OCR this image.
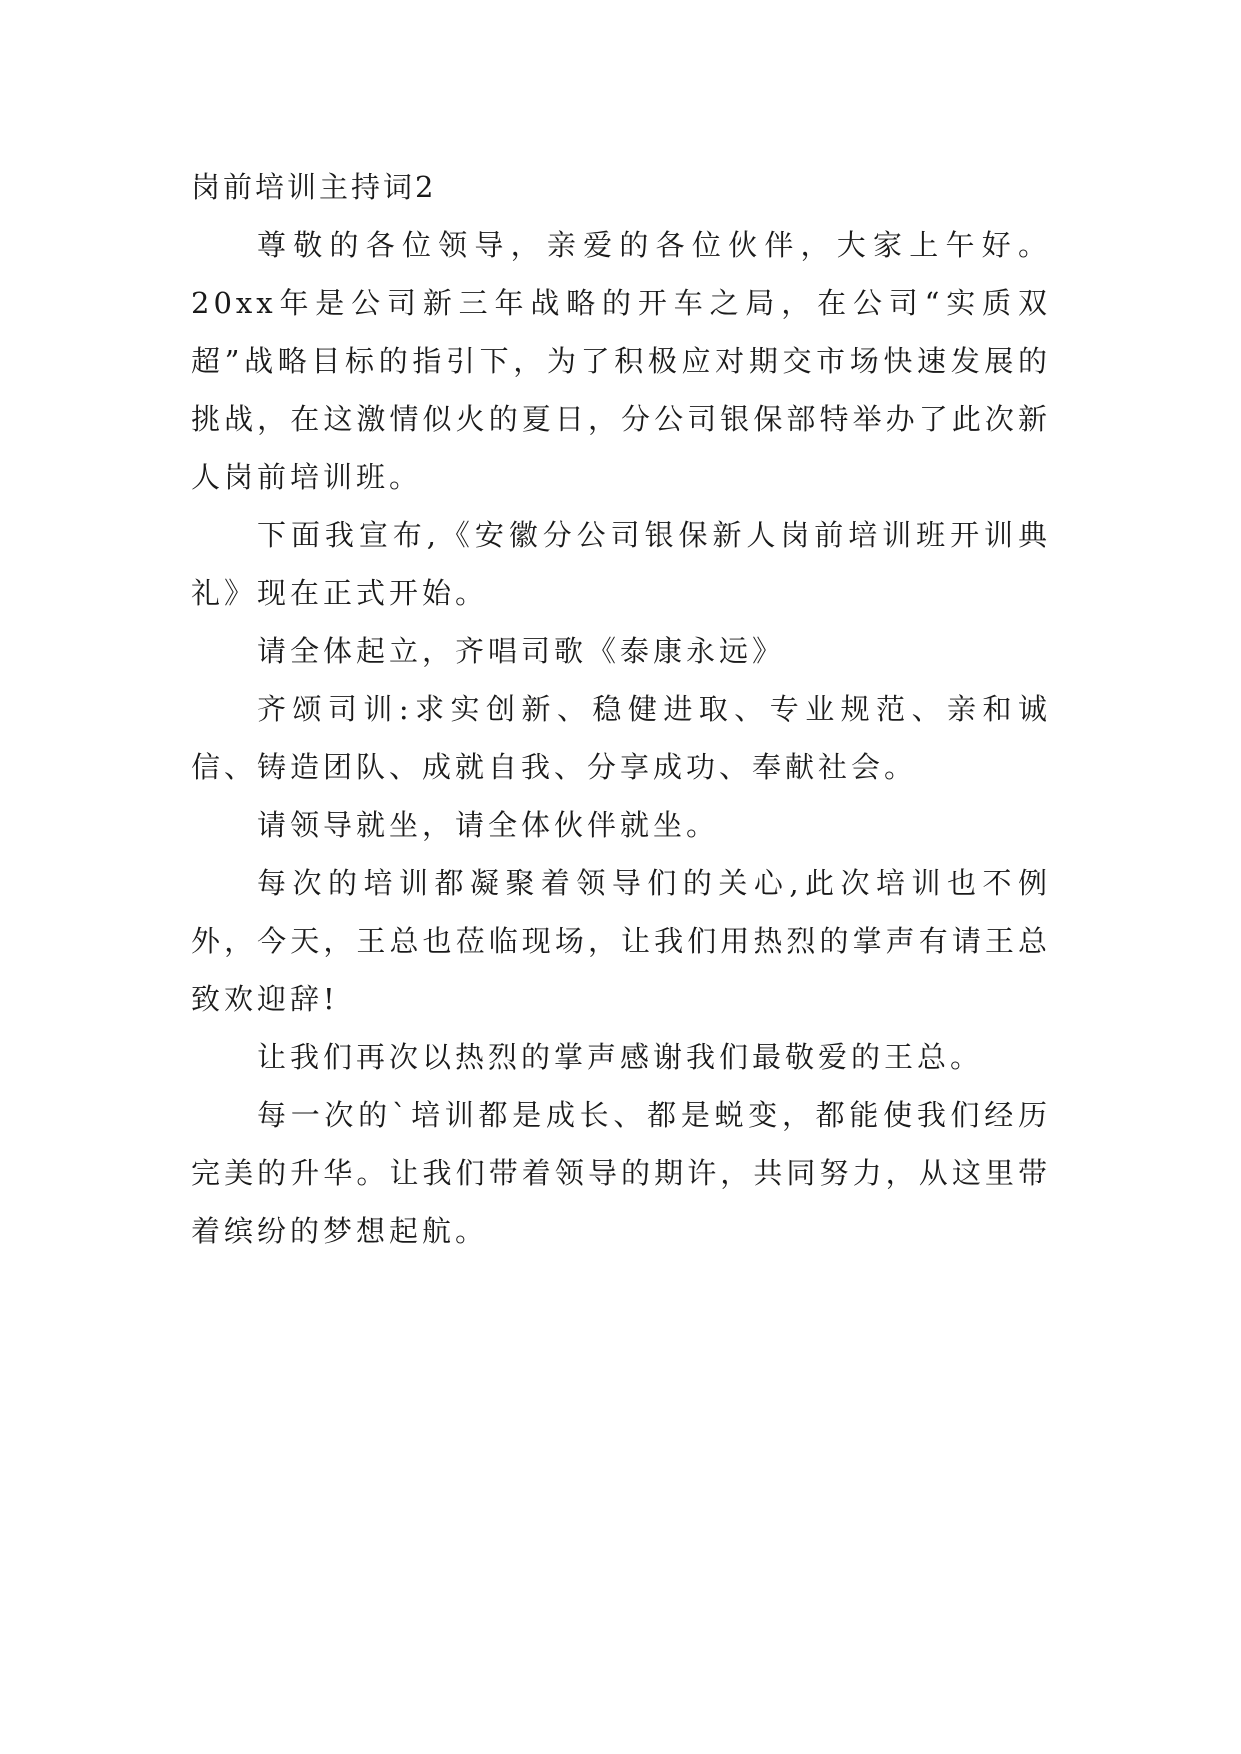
岗前培训主持词2

尊敬的各位领导，亲爱的各位伙伴，大家上午好。20xx年是公司新三年战略的开车之局，在公司“实质双超”战略目标的指引下，为了积极应对期交市场快速发展的挑战，在这激情似火的夏日，分公司银保部特举办了此次新人岗前培训班。

下面我宣布,《安徽分公司银保新人岗前培训班开训典礼》现在正式开始。

请全体起立，齐唱司歌《泰康永远》

齐颂司训:求实创新、稳健进取、专业规范、亲和诚信、铸造团队、成就自我、分享成功、奉献社会。

请领导就坐，请全体伙伴就坐。

每次的培训都凝聚着领导们的关心,此次培训也不例外，今天，王总也莅临现场，让我们用热烈的掌声有请王总致欢迎辞!

让我们再次以热烈的掌声感谢我们最敬爱的王总。

每一次的`培训都是成长、都是蜕变，都能使我们经历完美的升华。让我们带着领导的期许，共同努力，从这里带着缤纷的梦想起航。
